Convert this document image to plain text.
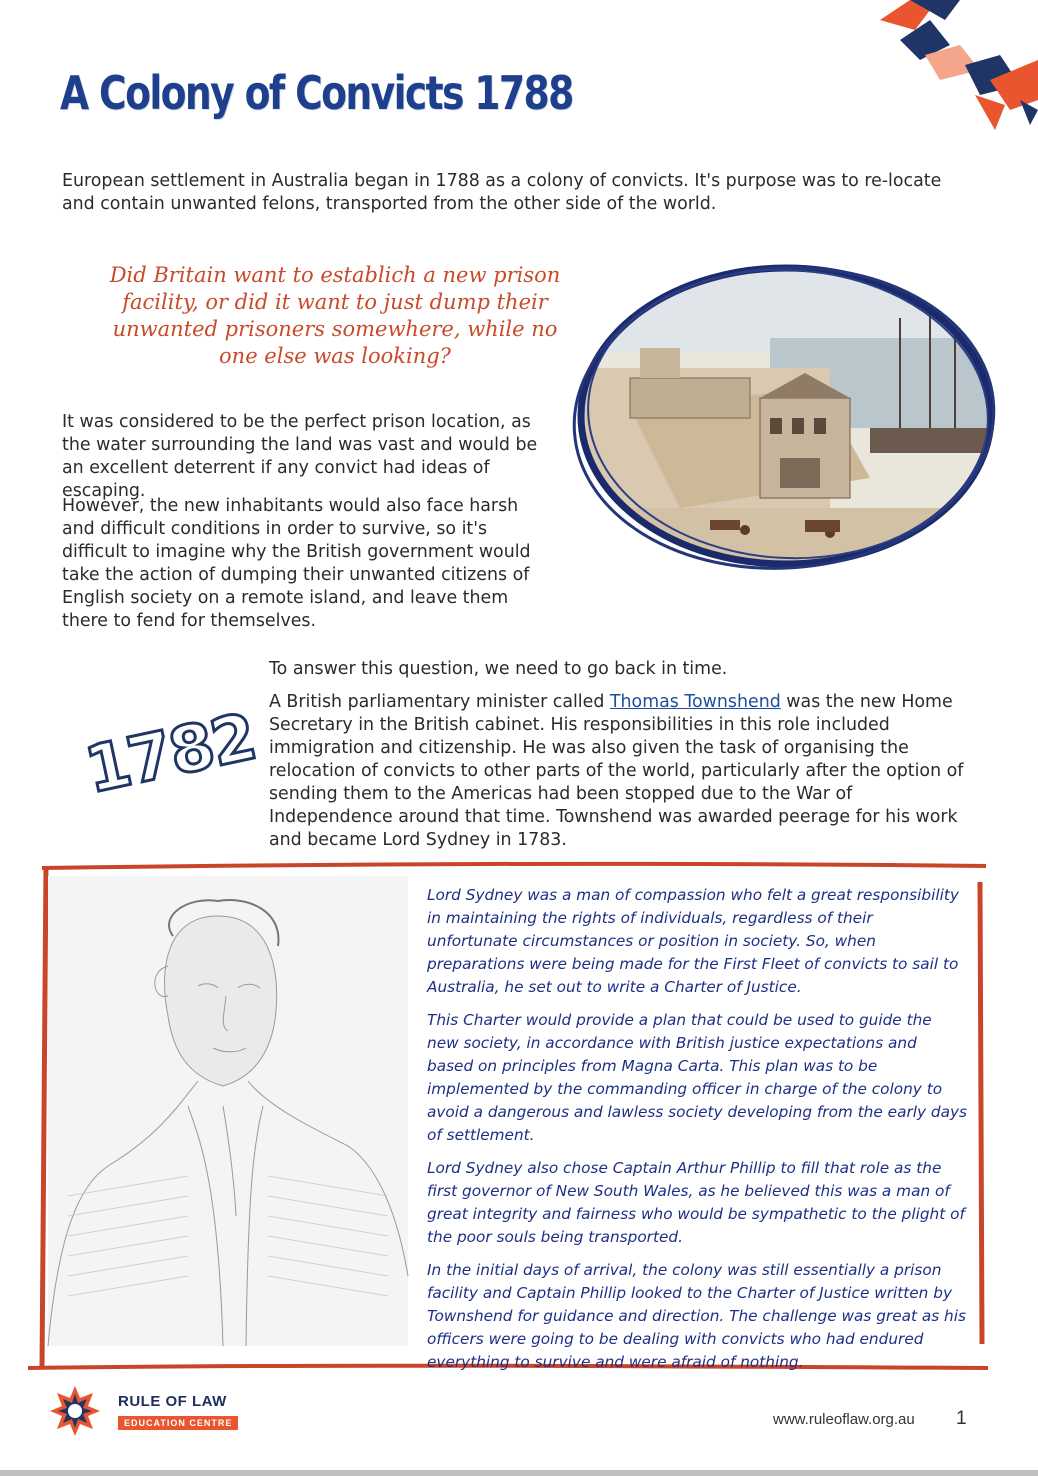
A Colony of Convicts 1788
European settlement in Australia began in 1788 as a colony of convicts. It's purpose was to re-locate and contain unwanted felons, transported from the other side of the world.
Did Britain want to establich a new prison facility, or did it want to just dump their unwanted prisoners somewhere, while no one else was looking?
It was considered to be the perfect prison location, as the water surrounding the land was vast and would be an excellent deterrent if any convict had ideas of escaping.
However, the new inhabitants would also face harsh and difficult conditions in order to survive, so it's difficult to imagine why the British government would take the action of dumping their unwanted citizens of English society on a remote island, and leave them there to fend for themselves.
1782
To answer this question, we need to go back in time.
A British parliamentary minister called Thomas Townshend was the new Home Secretary in the British cabinet. His responsibilities in this role included immigration and citizenship. He was also given the task of organising the relocation of convicts to other parts of the world, particularly after the option of sending them to the Americas had been stopped due to the War of Independence around that time. Townshend was awarded peerage for his work and became Lord Sydney in 1783.

Lord Sydney was a man of compassion who felt a great responsibility in maintaining the rights of individuals, regardless of their unfortunate circumstances or position in society. So, when preparations were being made for the First Fleet of convicts to sail to Australia, he set out to write a Charter of Justice.

This Charter would provide a plan that could be used to guide the new society, in accordance with British justice expectations and based on principles from Magna Carta. This plan was to be implemented by the commanding officer in charge of the colony to avoid a dangerous and lawless society developing from the early days of settlement.

Lord Sydney also chose Captain Arthur Phillip to fill that role as the first governor of New South Wales, as he believed this was a man of great integrity and fairness who would be sympathetic to the plight of the poor souls being transported.

In the initial days of arrival, the colony was still essentially a prison facility and Captain Phillip looked to the Charter of Justice written by Townshend for guidance and direction. The challenge was great as his officers were going to be dealing with convicts who had endured everything to survive and were afraid of nothing.

RULE OF LAW
EDUCATION CENTRE	www.ruleoflaw.org.au 1
